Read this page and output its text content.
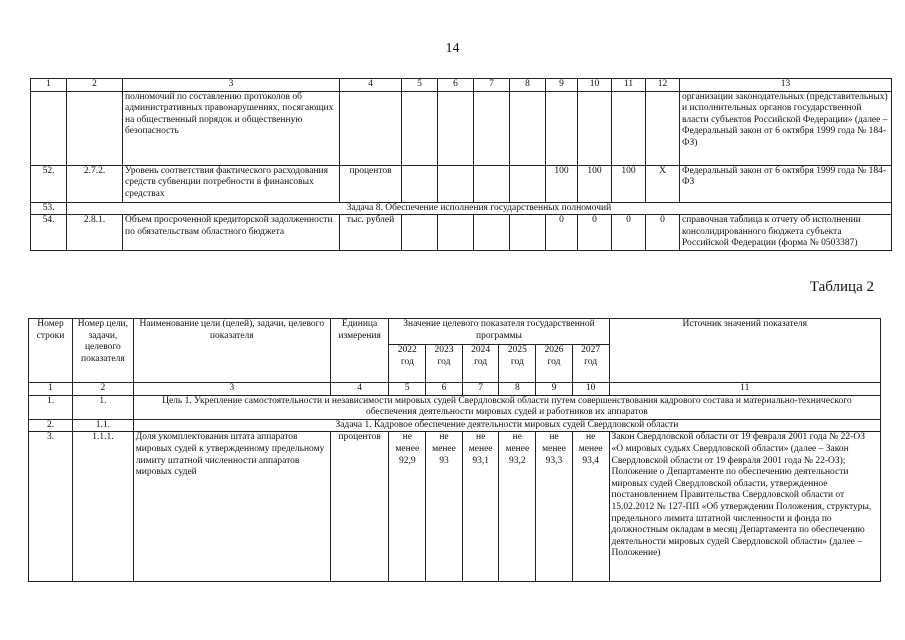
14
1	2	3	4	5	6	7	8	9	10	11	12	13
		полномочий по составлению протоколов об административных правонарушениях, посягающих на общественный порядок и общественную безопасность										организации законодательных (представительных) и исполнительных органов государственной власти субъектов Российской Федерации» (далее – Федеральный закон от 6 октября 1999 года № 184-ФЗ)
52.	2.7.2.	Уровень соответствия фактического расходования средств субвенции потребности в финансовых средствах	процентов					100	100	100	X	Федеральный закон от 6 октября 1999 года № 184-ФЗ
53.	Задача 8. Обеспечение исполнения государственных полномочий											
54.	2.8.1.	Объем просроченной кредиторской задолженности по обязательствам областного бюджета	тыс. рублей					0	0	0	0	справочная таблица к отчету об исполнении консолидированного бюджета субъекта Российской Федерации (форма № 0503387)
Таблица 2
Номер строки	Номер цели, задачи, целевого показателя	Наименование цели (целей), задачи, целевого показателя	Единица измерения	Значение целевого показателя государственной программы						Источник значений показателя
				2022 год	2023 год	2024 год	2025 год	2026 год	2027 год	
1	2	3	4	5	6	7	8	9	10	11
1.	1.	Цель 1. Укрепление самостоятельности и независимости мировых судей Свердловской области путем совершенствования кадрового состава и материально-технического обеспечения деятельности мировых судей и работников их аппаратов								
2.	1.1.	Задача 1. Кадровое обеспечение деятельности мировых судей Свердловской области								
3.	1.1.1.	Доля укомплектования штата аппаратов мировых судей к утвержденному предельному лимиту штатной численности аппаратов мировых судей	процентов	не менее 92,9	не менее 93	не менее 93,1	не менее 93,2	не менее 93,3	не менее 93,4	Закон Свердловской области от 19 февраля 2001 года № 22-ОЗ «О мировых судьях Свердловской области» (далее – Закон Свердловской области от 19 февраля 2001 года № 22-ОЗ); Положение о Департаменте по обеспечению деятельности мировых судей Свердловской области, утвержденное постановлением Правительства Свердловской области от 15.02.2012 № 127-ПП «Об утверждении Положения, структуры, предельного лимита штатной численности и фонда по должностным окладам в месяц Департамента по обеспечению деятельности мировых судей Свердловской области» (далее – Положение)
